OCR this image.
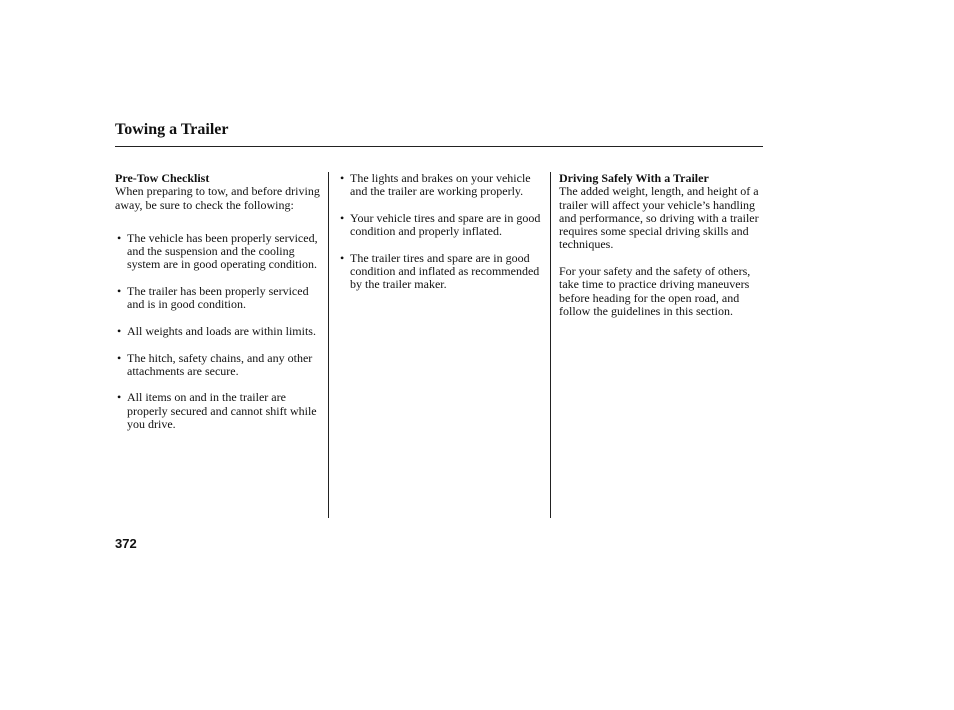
Towing a Trailer
Pre-Tow Checklist
When preparing to tow, and before driving away, be sure to check the following:
• The vehicle has been properly serviced, and the suspension and the cooling system are in good operating condition.
• The trailer has been properly serviced and is in good condition.
• All weights and loads are within limits.
• The hitch, safety chains, and any other attachments are secure.
• All items on and in the trailer are properly secured and cannot shift while you drive.
• The lights and brakes on your vehicle and the trailer are working properly.
• Your vehicle tires and spare are in good condition and properly inflated.
• The trailer tires and spare are in good condition and inflated as recommended by the trailer maker.
Driving Safely With a Trailer
The added weight, length, and height of a trailer will affect your vehicle’s handling and performance, so driving with a trailer requires some special driving skills and techniques.
For your safety and the safety of others, take time to practice driving maneuvers before heading for the open road, and follow the guidelines in this section.
372
